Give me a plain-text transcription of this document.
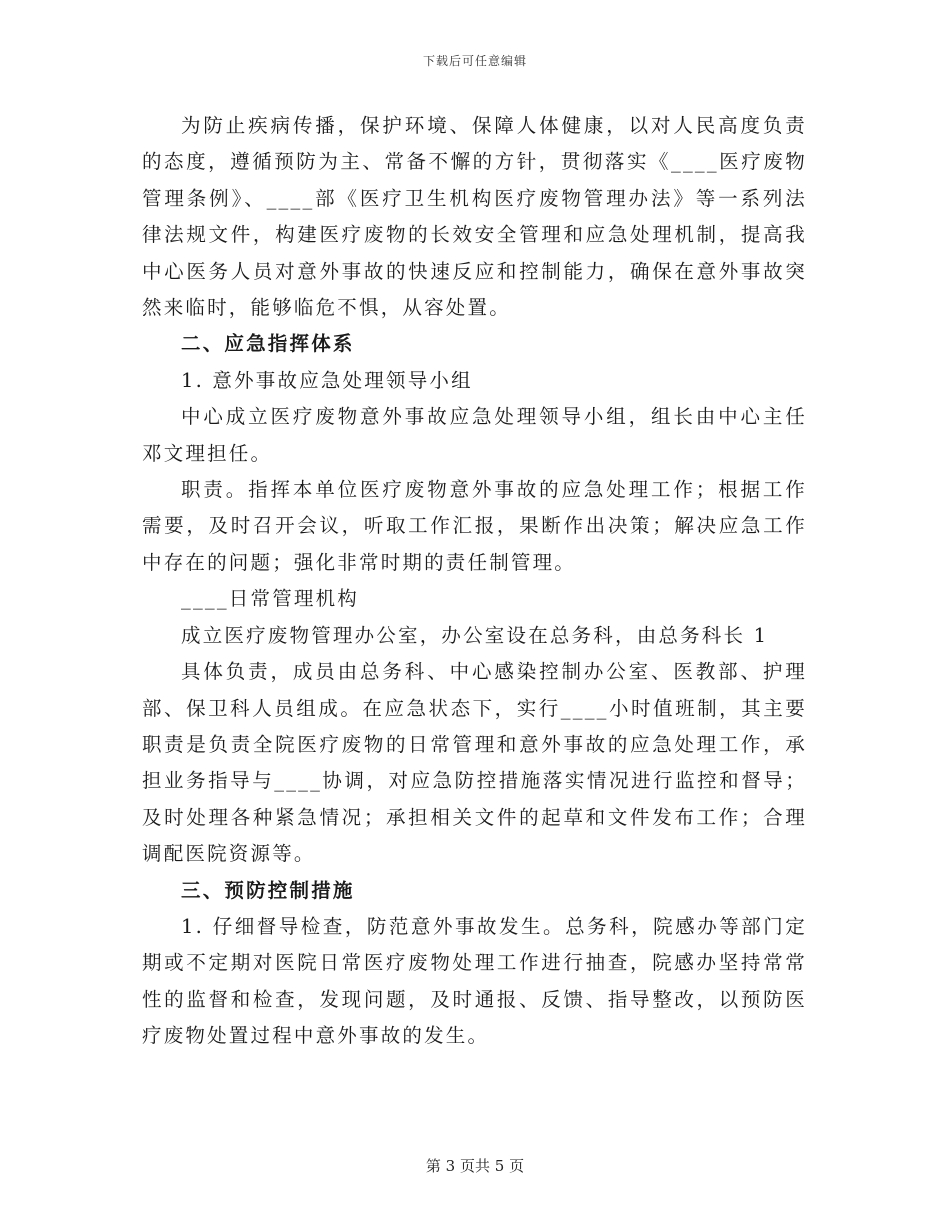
下载后可任意编辑

为防止疾病传播，保护环境、保障人体健康，以对人民高度负责的态度，遵循预防为主、常备不懈的方针，贯彻落实《____医疗废物管理条例》、____部《医疗卫生机构医疗废物管理办法》等一系列法律法规文件，构建医疗废物的长效安全管理和应急处理机制，提高我中心医务人员对意外事故的快速反应和控制能力，确保在意外事故突然来临时，能够临危不惧，从容处置。

二、应急指挥体系

1. 意外事故应急处理领导小组

中心成立医疗废物意外事故应急处理领导小组，组长由中心主任邓文理担任。

职责。指挥本单位医疗废物意外事故的应急处理工作；根据工作需要，及时召开会议，听取工作汇报，果断作出决策；解决应急工作中存在的问题；强化非常时期的责任制管理。

____日常管理机构

成立医疗废物管理办公室，办公室设在总务科，由总务科长 1

具体负责，成员由总务科、中心感染控制办公室、医教部、护理部、保卫科人员组成。在应急状态下，实行____小时值班制，其主要职责是负责全院医疗废物的日常管理和意外事故的应急处理工作，承担业务指导与____协调，对应急防控措施落实情况进行监控和督导；及时处理各种紧急情况；承担相关文件的起草和文件发布工作；合理调配医院资源等。

三、预防控制措施

1. 仔细督导检查，防范意外事故发生。总务科，院感办等部门定期或不定期对医院日常医疗废物处理工作进行抽查，院感办坚持常常性的监督和检查，发现问题，及时通报、反馈、指导整改，以预防医疗废物处置过程中意外事故的发生。

第 3 页共 5 页
